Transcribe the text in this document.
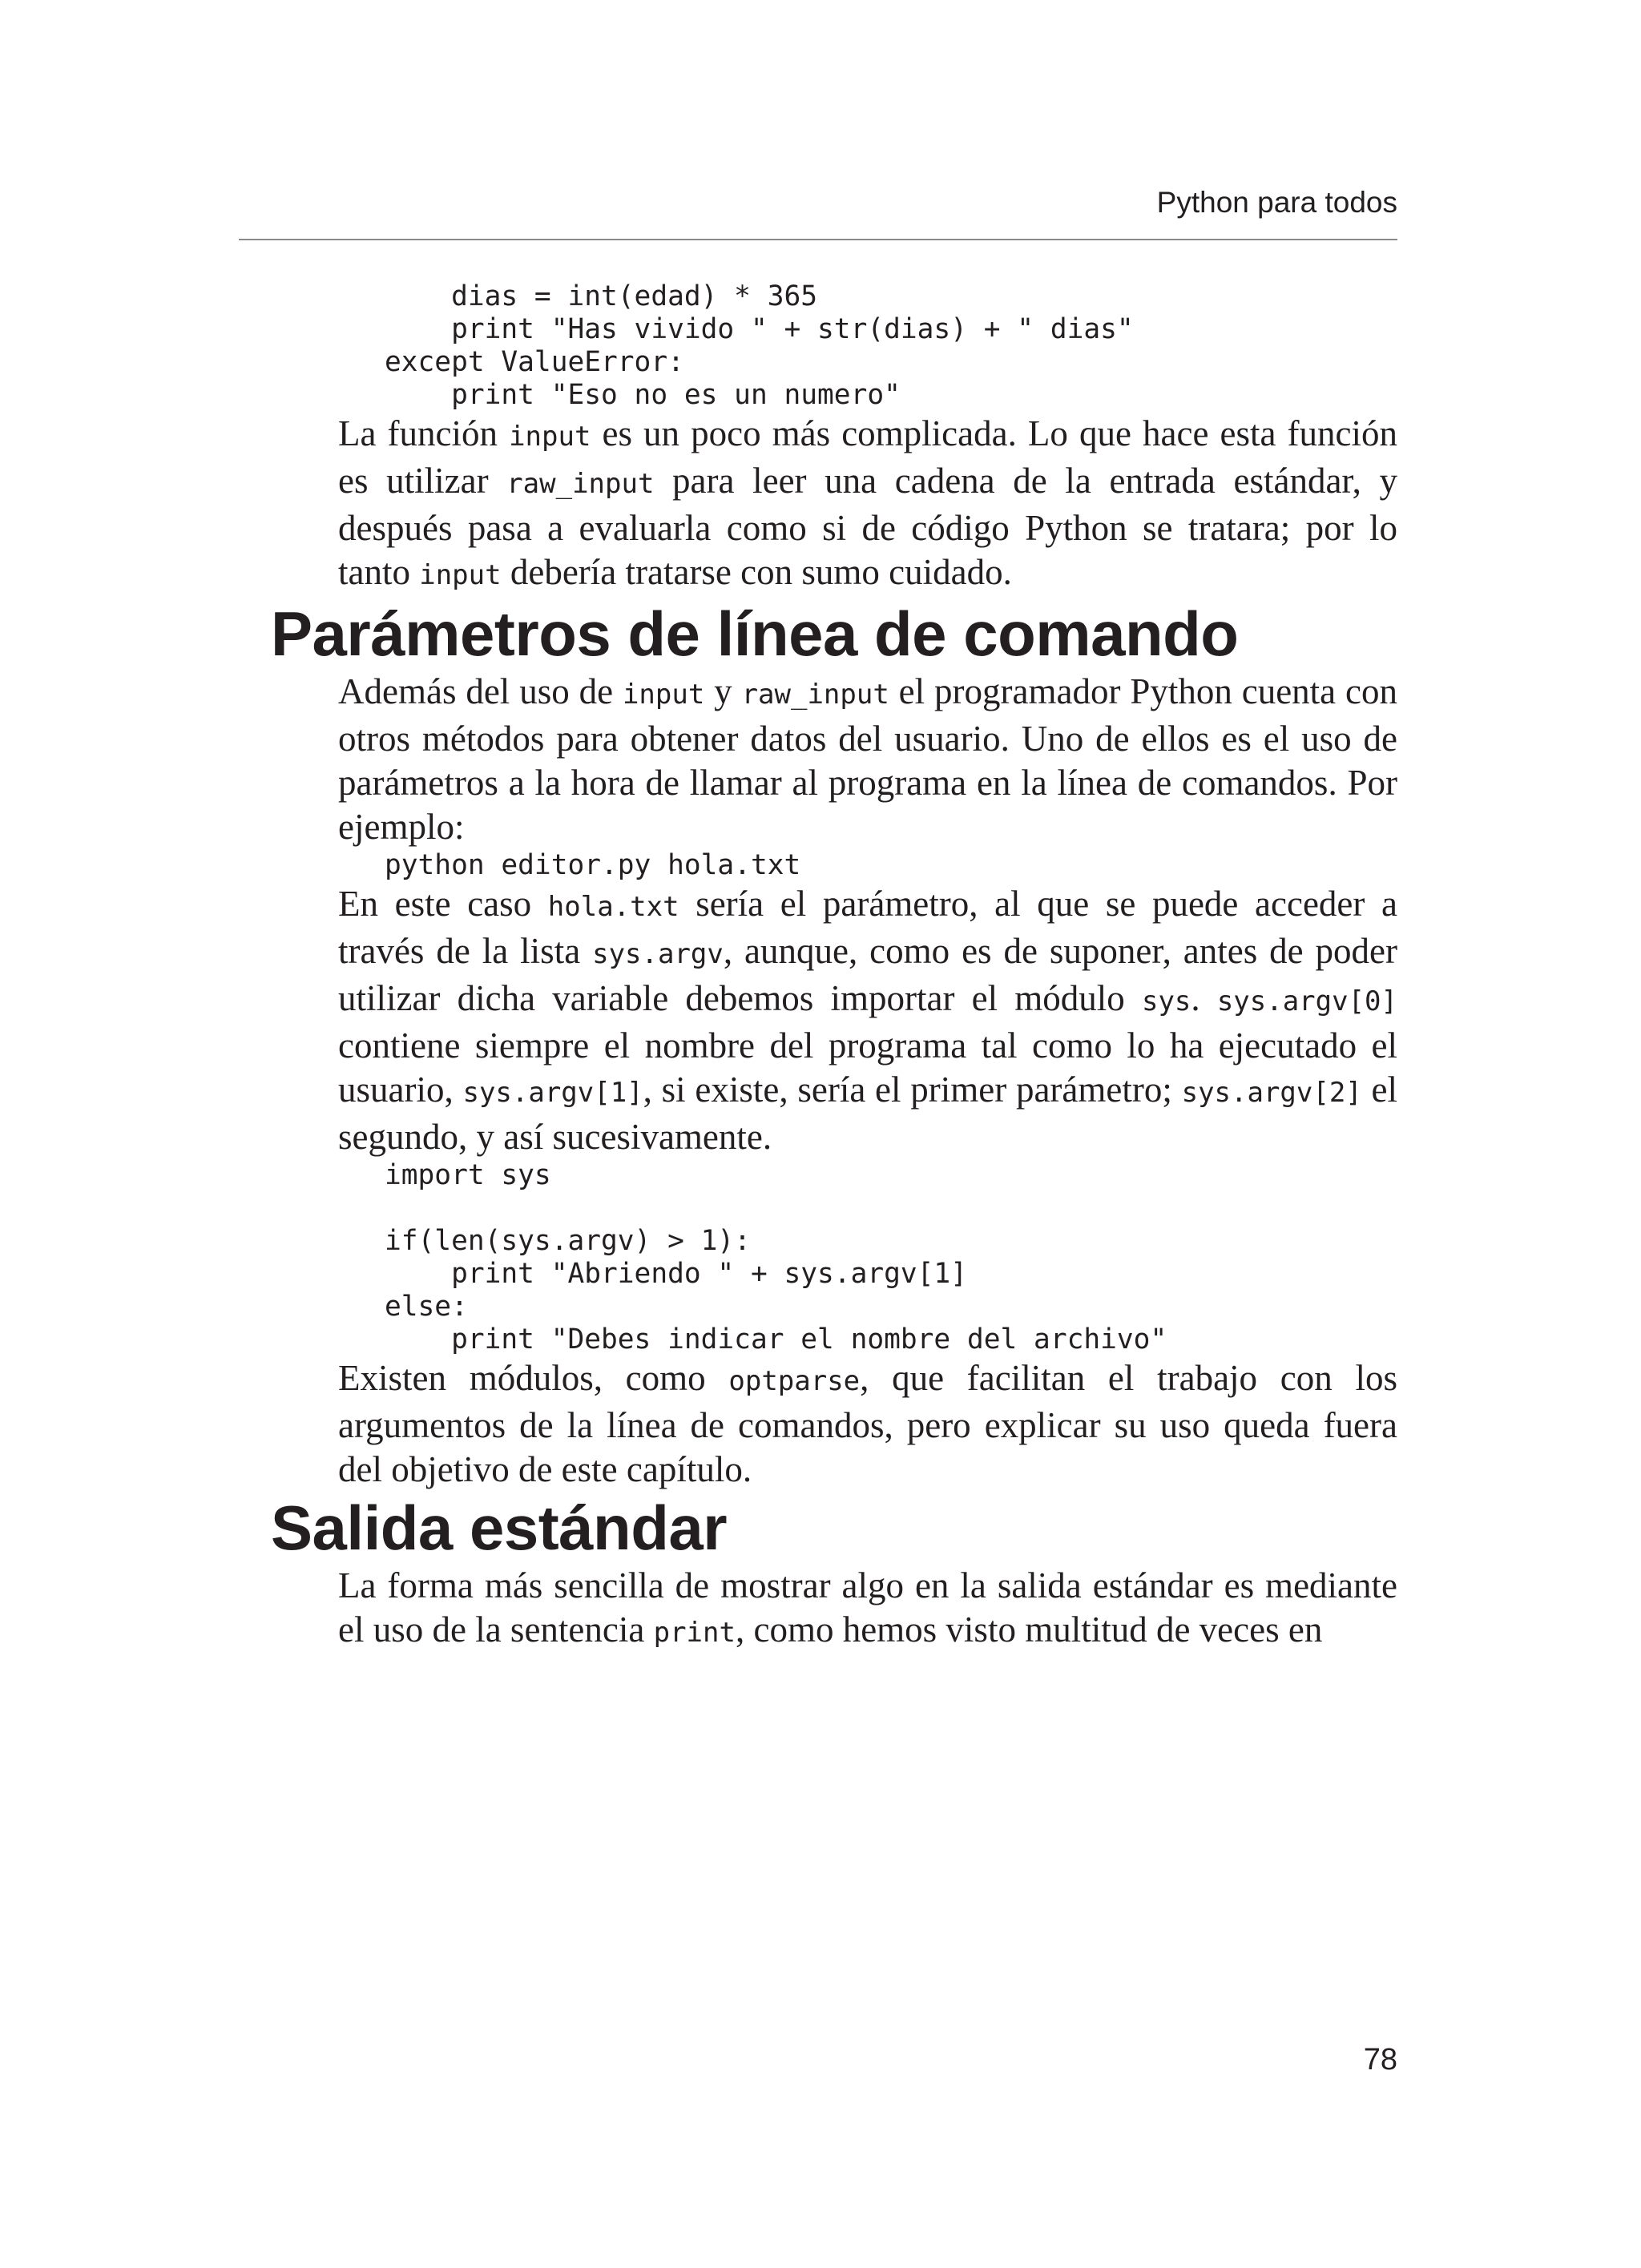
Python para todos
dias = int(edad) * 365
print "Has vivido " + str(dias) + " dias"
except ValueError:
print "Eso no es un numero"

La función input es un poco más complicada. Lo que hace esta función es utilizar raw_input para leer una cadena de la entrada estándar, y después pasa a evaluarla como si de código Python se tratara; por lo tanto input debería tratarse con sumo cuidado.

Parámetros de línea de comando

Además del uso de input y raw_input el programador Python cuenta con otros métodos para obtener datos del usuario. Uno de ellos es el uso de parámetros a la hora de llamar al programa en la línea de comandos. Por ejemplo:

python editor.py hola.txt

En este caso hola.txt sería el parámetro, al que se puede acceder a través de la lista sys.argv, aunque, como es de suponer, antes de poder utilizar dicha variable debemos importar el módulo sys. sys.argv[0] contiene siempre el nombre del programa tal como lo ha ejecutado el usuario, sys.argv[1], si existe, sería el primer parámetro; sys.argv[2] el segundo, y así sucesivamente.

import sys

if(len(sys.argv) > 1):
print "Abriendo " + sys.argv[1]
else:
print "Debes indicar el nombre del archivo"

Existen módulos, como optparse, que facilitan el trabajo con los argumentos de la línea de comandos, pero explicar su uso queda fuera del objetivo de este capítulo.

Salida estándar

La forma más sencilla de mostrar algo en la salida estándar es mediante el uso de la sentencia print, como hemos visto multitud de veces en

78
